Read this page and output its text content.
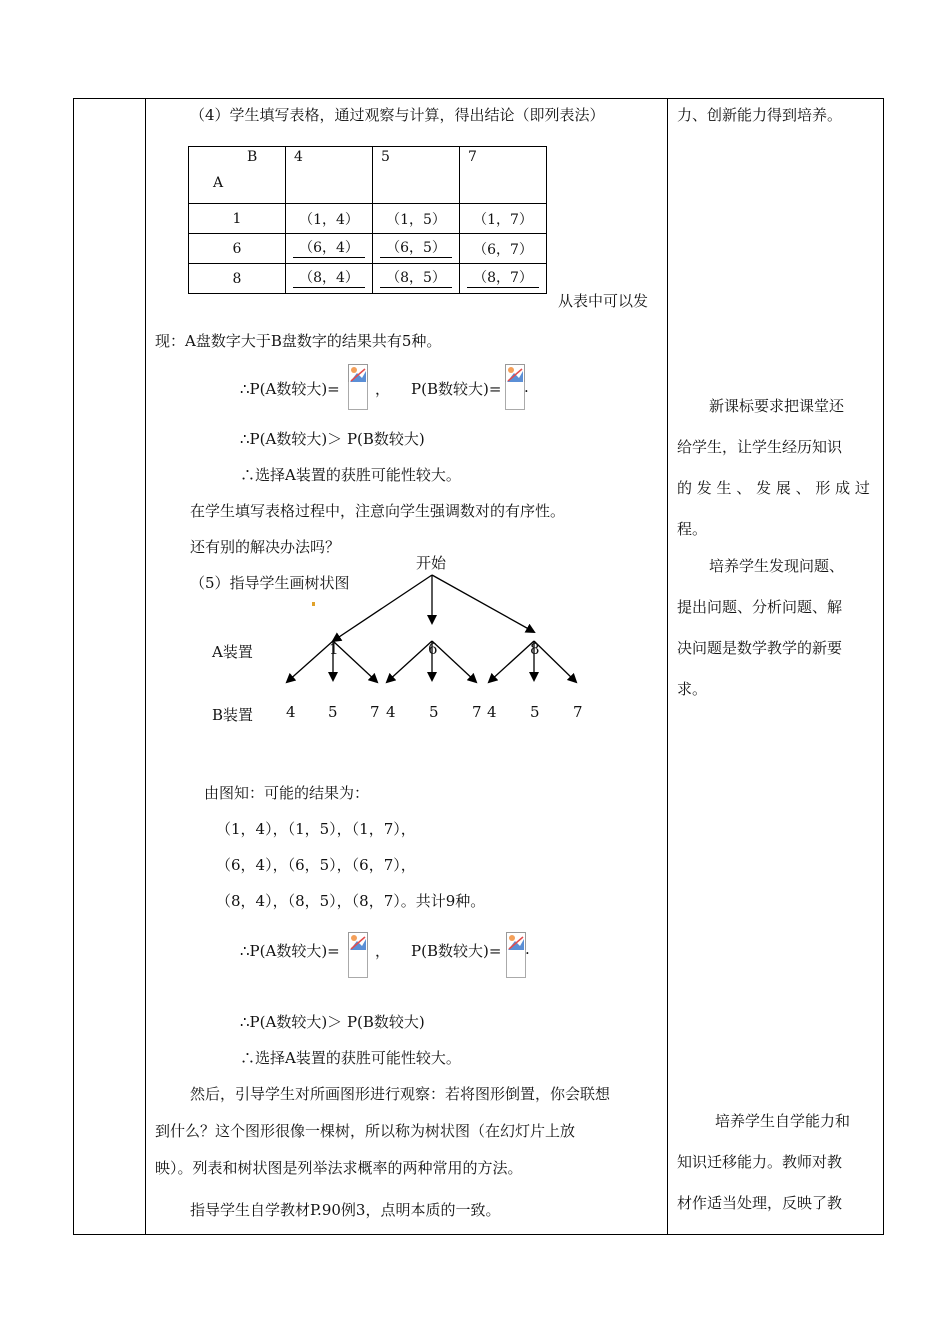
（4）学生填写表格，通过观察与计算，得出结论（即列表法）
B
A	4	5	7

1	（1，4）	（1，5）	（1，7）
6	（6，4）	（6，5）	（6，7）
8	（8，4）	（8，5）	（8，7）
从表中可以发
现：A盘数字大于B盘数字的结果共有5种。
∴P(A数较大)= ， P(B数较大)= .
∴P(A数较大)＞ P(B数较大)
∴选择A装置的获胜可能性较大。
在学生填写表格过程中，注意向学生强调数对的有序性。
还有别的解决办法吗？
（5）指导学生画树状图
开始
1	6	8
A装置
B装置 4 5 7 4 5 7 4 5 7
由图知：可能的结果为：
（1，4），（1，5），（1，7），
（6，4），（6，5），（6，7），
（8，4），（8，5），（8，7）。共计9种。
∴P(A数较大)= ， P(B数较大)= .
∴P(A数较大)＞ P(B数较大)
∴选择A装置的获胜可能性较大。
然后，引导学生对所画图形进行观察：若将图形倒置，你会联想
到什么？这个图形很像一棵树，所以称为树状图（在幻灯片上放
映）。列表和树状图是列举法求概率的两种常用的方法。
指导学生自学教材P.90例3，点明本质的一致。
力、创新能力得到培养。

新课标要求把课堂还

给学生，让学生经历知识

的 发 生 、 发 展 、 形 成 过

程。

培养学生发现问题、

提出问题、分析问题、解

决问题是数学教学的新要

求。

培养学生自学能力和

知识迁移能力。教师对教

材作适当处理，反映了教
